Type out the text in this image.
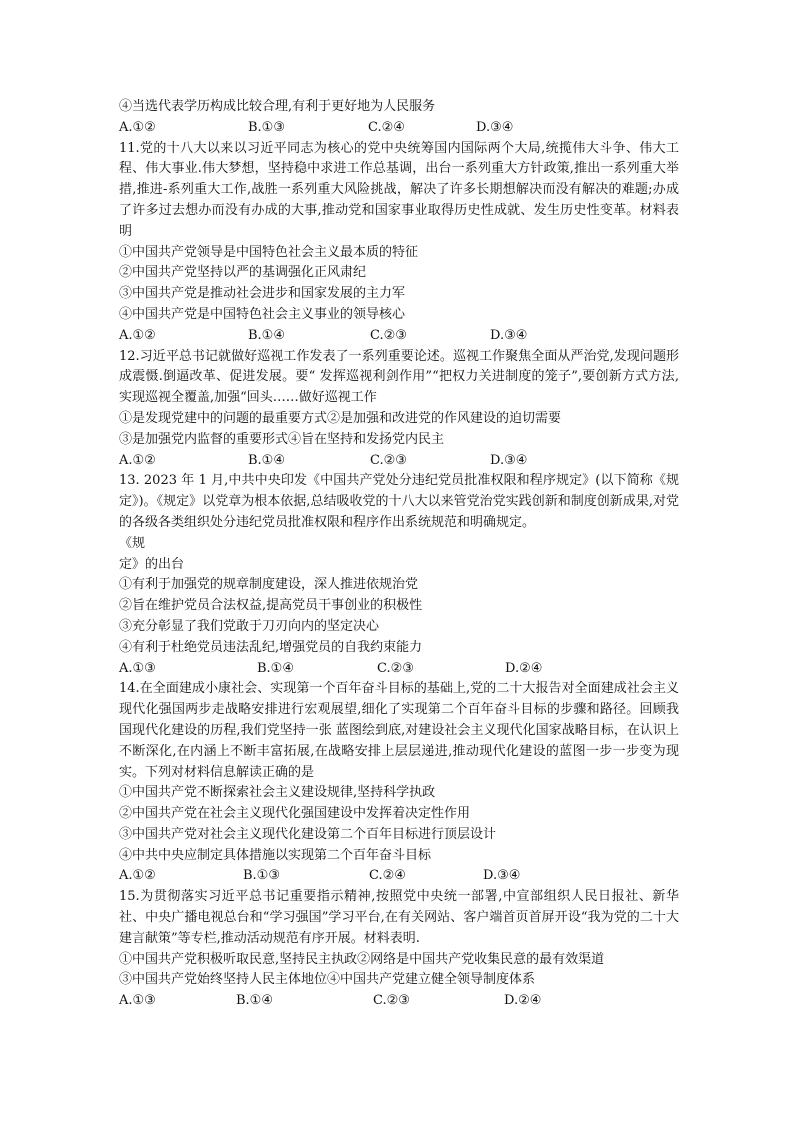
④当选代表学历构成比较合理,有利于更好地为人民服务
A.①②	B.①③	C.②④	D.③④
11.党的十八大以来以习近平同志为核心的党中央统筹国内国际两个大局,统揽伟大斗争、伟大工程、伟大事业.伟大梦想，坚持稳中求进工作总基调，出台一系列重大方针政策,推出一系列重大举措,推进-系列重大工作,战胜一系列重大风险挑战，解决了许多长期想解决而没有解决的难题;办成了许多过去想办而没有办成的大事,推动党和国家事业取得历史性成就、发生历史性变革。材料表明
①中国共产党领导是中国特色社会主义最本质的特征
②中国共产党坚持以严的基调强化正风肃纪
③中国共产党是推动社会进步和国家发展的主力军
④中国共产党是中国特色社会主义事业的领导核心
A.①②	B.①④	C.②③	D.③④
12.习近平总书记就做好巡视工作发表了一系列重要论述。巡视工作聚焦全面从严治党,发现问题形成震慑.倒逼改革、促进发展。要“ 发挥巡视利剑作用”“把权力关进制度的笼子”,要创新方式方法,实现巡视全覆盖,加强“回头……做好巡视工作
①是发现党建中的问题的最重要方式②是加强和改进党的作风建设的迫切需要
③是加强党内监督的重要形式④旨在坚持和发扬党内民主
A.①②	B.①④	C.②③	D.③④
13. 2023 年 1 月,中共中央印发《中国共产党处分违纪党员批准权限和程序规定》(以下简称《规定》)。《规定》以党章为根本依据,总结吸收党的十八大以来管党治党实践创新和制度创新成果,对党的各级各类组织处分违纪党员批准权限和程序作出系统规范和明确规定。
《规
定》的出台
①有利于加强党的规章制度建设，深人推进依规治党
②旨在维护党员合法权益,提高党员干事创业的积极性
③充分彰显了我们党敢于刀刃向内的坚定决心
④有利于杜绝党员违法乱纪,增强党员的自我约束能力
A.①③	B.①④	C.②③	D.②④
14.在全面建成小康社会、实现第一个百年奋斗目标的基础上,党的二十大报告对全面建成社会主义现代化强国两步走战略安排进行宏观展望,细化了实现第二个百年奋斗目标的步骤和路径。回顾我国现代化建设的历程,我们党坚持一张 蓝图绘到底,对建设社会主义现代化国家战略目标，在认识上不断深化,在内涵上不断丰富拓展,在战略安排上层层递进,推动现代化建设的蓝图一步一步变为现实。下列对材料信息解读正确的是
①中国共产党不断探索社会主义建设规律,坚持科学执政
②中国共产党在社会主义现代化强国建设中发挥着决定性作用
③中国共产党对社会主义现代化建设第二个百年目标进行顶层设计
④中共中央应制定具体措施以实现第二个百年奋斗目标
A.①②	B.①③	C.②④	D.③④
15.为贯彻落实习近平总书记重要指示精神,按照党中央统一部署,中宣部组织人民日报社、新华社、中央广播电视总台和“学习强国”学习平台,在有关网站、客户端首页首屏开设“我为党的二十大建言献策”等专栏,推动活动规范有序开展。材料表明.
①中国共产党积极听取民意,坚持民主执政②网络是中国共产党收集民意的最有效渠道
③中国共产党始终坚持人民主体地位④中国共产党建立健全领导制度体系
A.①③	B.①④	C.②③	D.②④
